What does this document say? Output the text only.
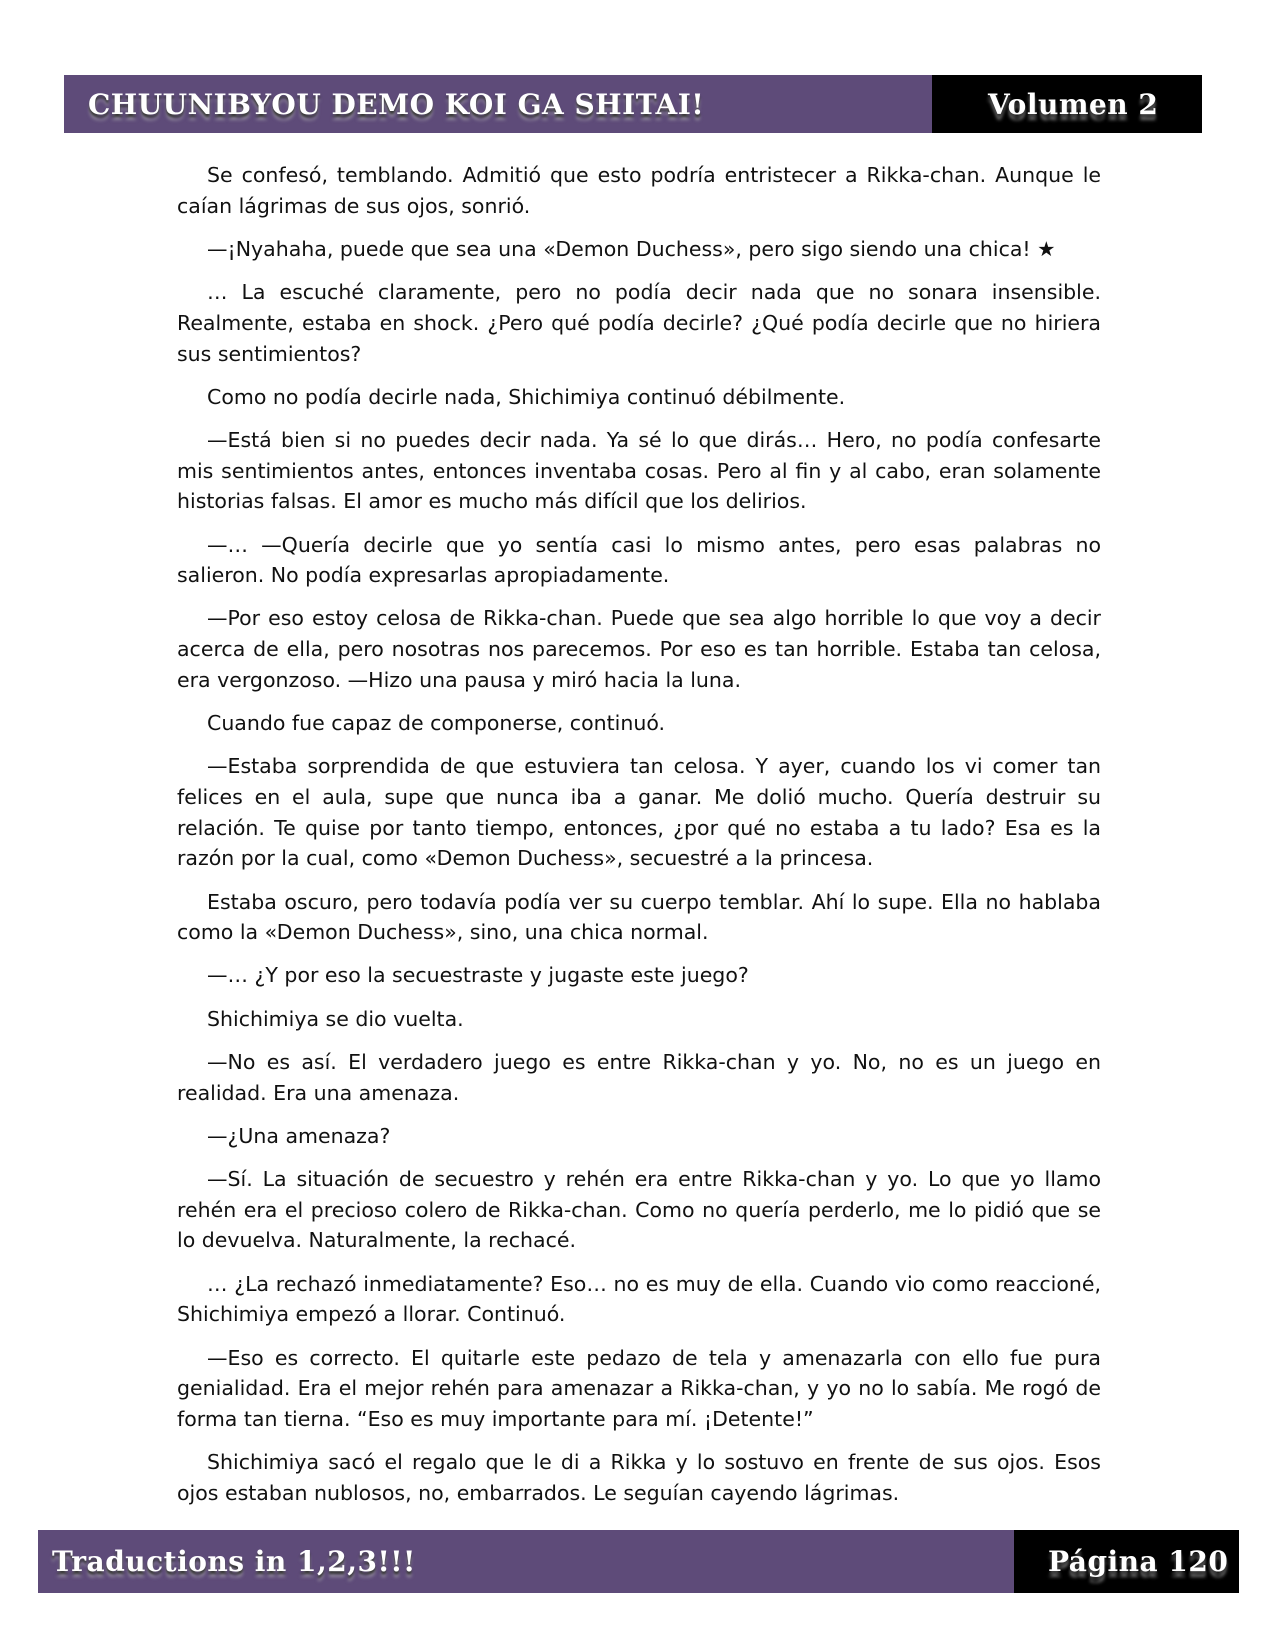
CHUUNIBYOU DEMO KOI GA SHITAI!	Volumen 2

Se confesó, temblando. Admitió que esto podría entristecer a Rikka-chan. Aunque le caían lágrimas de sus ojos, sonrió.

—¡Nyahaha, puede que sea una «Demon Duchess», pero sigo siendo una chica! ★

… La escuché claramente, pero no podía decir nada que no sonara insensible. Realmente, estaba en shock. ¿Pero qué podía decirle? ¿Qué podía decirle que no hiriera sus sentimientos?

Como no podía decirle nada, Shichimiya continuó débilmente.

—Está bien si no puedes decir nada. Ya sé lo que dirás… Hero, no podía confesarte mis sentimientos antes, entonces inventaba cosas. Pero al fin y al cabo, eran solamente historias falsas. El amor es mucho más difícil que los delirios.

—… —Quería decirle que yo sentía casi lo mismo antes, pero esas palabras no salieron. No podía expresarlas apropiadamente.

—Por eso estoy celosa de Rikka-chan. Puede que sea algo horrible lo que voy a decir acerca de ella, pero nosotras nos parecemos. Por eso es tan horrible. Estaba tan celosa, era vergonzoso. —Hizo una pausa y miró hacia la luna.

Cuando fue capaz de componerse, continuó.

—Estaba sorprendida de que estuviera tan celosa. Y ayer, cuando los vi comer tan felices en el aula, supe que nunca iba a ganar. Me dolió mucho. Quería destruir su relación. Te quise por tanto tiempo, entonces, ¿por qué no estaba a tu lado? Esa es la razón por la cual, como «Demon Duchess», secuestré a la princesa.

Estaba oscuro, pero todavía podía ver su cuerpo temblar. Ahí lo supe. Ella no hablaba como la «Demon Duchess», sino, una chica normal.

—… ¿Y por eso la secuestraste y jugaste este juego?

Shichimiya se dio vuelta.

—No es así. El verdadero juego es entre Rikka-chan y yo. No, no es un juego en realidad. Era una amenaza.

—¿Una amenaza?

—Sí. La situación de secuestro y rehén era entre Rikka-chan y yo. Lo que yo llamo rehén era el precioso colero de Rikka-chan. Como no quería perderlo, me lo pidió que se lo devuelva. Naturalmente, la rechacé.

… ¿La rechazó inmediatamente? Eso… no es muy de ella. Cuando vio como reaccioné, Shichimiya empezó a llorar. Continuó.

—Eso es correcto. El quitarle este pedazo de tela y amenazarla con ello fue pura genialidad. Era el mejor rehén para amenazar a Rikka-chan, y yo no lo sabía. Me rogó de forma tan tierna. “Eso es muy importante para mí. ¡Detente!”

Shichimiya sacó el regalo que le di a Rikka y lo sostuvo en frente de sus ojos. Esos ojos estaban nublosos, no, embarrados. Le seguían cayendo lágrimas.

Traductions in 1,2,3!!!	Página 120
